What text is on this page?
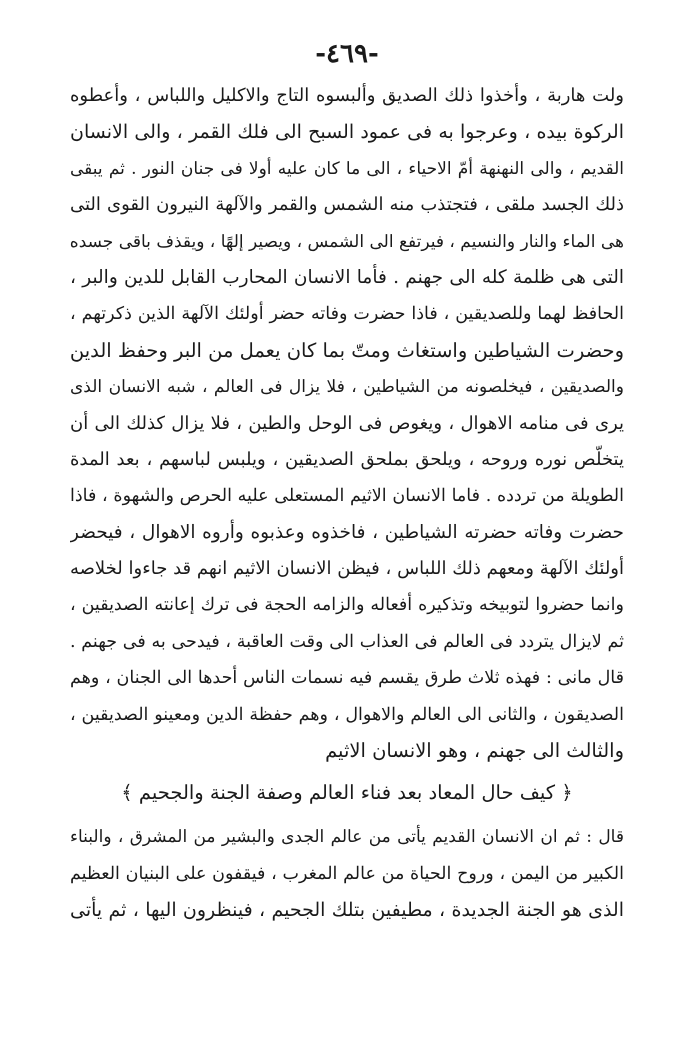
-٤٦٩-
ولت هاربة ، وأخذوا ذلك الصديق وألبسوه التاج والاكليل واللباس ، وأعطوه
الركوة بيده ، وعرجوا به فى عمود السبح الى فلك القمر ، والى الانسان
القديم ، والى النهنهة أمّ الاحياء ، الى ما كان عليه أولا فى جنان النور . ثم يبقى
ذلك الجسد ملقى ، فتجتذب منه الشمس والقمر والآلهة النيرون القوى التى
هى الماء والنار والنسيم ، فيرتفع الى الشمس ، ويصير إلهًا ، ويقذف باقى جسده
التى هى ظلمة كله الى جهنم . فأما الانسان المحارب القابل للدين والبر ،
الحافظ لهما وللصديقين ، فاذا حضرت وفاته حضر أولئك الآلهة الذين ذكرتهم ،
وحضرت الشياطين واستغاث ومتّ بما كان يعمل من البر وحفظ الدين
والصديقين ، فيخلصونه من الشياطين ، فلا يزال فى العالم ، شبه الانسان الذى
يرى فى منامه الاهوال ، ويغوص فى الوحل والطين ، فلا يزال كذلك الى أن
يتخلّص نوره وروحه ، ويلحق بملحق الصديقين ، ويلبس لباسهم ، بعد المدة
الطويلة من تردده . فاما الانسان الاثيم المستعلى عليه الحرص والشهوة ، فاذا
حضرت وفاته حضرته الشياطين ، فاخذوه وعذبوه وأروه الاهوال ، فيحضر
أولئك الآلهة ومعهم ذلك اللباس ، فيظن الانسان الاثيم انهم قد جاءوا لخلاصه
وانما حضروا لتوبيخه وتذكيره أفعاله والزامه الحجة فى ترك إعانته الصديقين ،
ثم لايزال يتردد فى العالم فى العذاب الى وقت العاقبة ، فيدحى به فى جهنم .
قال مانى : فهذه ثلاث طرق يقسم فيه نسمات الناس أحدها الى الجنان ، وهم
الصديقون ، والثانى الى العالم والاهوال ، وهم حفظة الدين ومعينو الصديقين ،
والثالث الى جهنم ، وهو الانسان الاثيم
﴿ كيف حال المعاد بعد فناء العالم وصفة الجنة والجحيم ﴾
قال : ثم ان الانسان القديم يأتى من عالم الجدى والبشير من المشرق ، والبناء
الكبير من اليمن ، وروح الحياة من عالم المغرب ، فيقفون على البنيان العظيم
الذى هو الجنة الجديدة ، مطيفين بتلك الجحيم ، فينظرون اليها ، ثم يأتى
